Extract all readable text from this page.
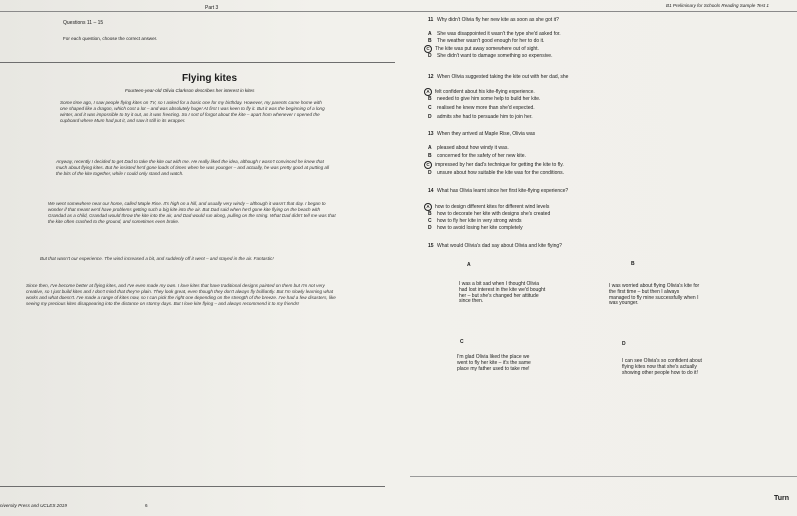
Part 3	B1 Preliminary for Schools Reading Sample Test 1
Questions 11 – 15
For each question, choose the correct answer.
Flying kites
Fourteen-year-old Olivia Clarkson describes her interest in kites
Some time ago, I saw people flying kites on TV, so I asked for a basic one for my birthday. However, my parents came home with one shaped like a dragon, which cost a lot – and was absolutely huge! At first I was keen to fly it. But it was the beginning of a long winter, and it was impossible to try it out, as it was freezing. So I sort of forgot about the kite – apart from whenever I opened the cupboard where Mum had put it, and saw it still in its wrapper.
Anyway, recently I decided to get Dad to take the kite out with me. He really liked the idea, although I wasn't convinced he knew that much about flying kites. But he insisted he'd gone loads of times when he was younger – and actually, he was pretty good at putting all the bits of the kite together, while I could only stand and watch.
We went somewhere near our home, called Maple Rise. It's high on a hill, and usually very windy – although it wasn't that day. I began to wonder if that meant we'd have problems getting such a big kite into the air. But Dad said when he'd gone kite flying on the beach with Grandad as a child, Grandad would throw the kite into the air, and Dad would run along, pulling on the string. What Dad didn't tell me was that the kite often crashed to the ground, and sometimes even broke.
But that wasn't our experience. The wind increased a bit, and suddenly off it went – and stayed in the air. Fantastic!
Since then, I've become better at flying kites, and I've even made my own. I love kites that have traditional designs painted on them but I'm not very creative, so I just build kites and I don't mind that they're plain. They look great, even though they don't always fly brilliantly. But I'm slowly learning what works and what doesn't. I've made a range of kites now, so I can pick the right one depending on the strength of the breeze. I've had a few disasters, like seeing my precious kites disappearing into the distance on stormy days. But I love kite flying – and always recommend it to my friends!
niversity Press and UCLES 2019	6
11 Why didn't Olivia fly her new kite as soon as she got it?
A She was disappointed it wasn't the type she'd asked for.
B The weather wasn't good enough for her to do it.
C The kite was put away somewhere out of sight.
D She didn't want to damage something so expensive.
12 When Olivia suggested taking the kite out with her dad, she
A felt confident about his kite-flying experience.
B needed to give him some help to build her kite.
C realised he knew more than she'd expected.
D admits she had to persuade him to join her.
13 When they arrived at Maple Rise, Olivia was
A pleased about how windy it was.
B concerned for the safety of her new kite.
C impressed by her dad's technique for getting the kite to fly.
D unsure about how suitable the kite was for the conditions.
14 What has Olivia learnt since her first kite-flying experience?
A how to design different kites for different wind levels
B how to decorate her kite with designs she's created
C how to fly her kite in very strong winds
D how to avoid losing her kite completely
15 What would Olivia's dad say about Olivia and kite flying?
A
I was a bit sad when I thought Olivia had lost interest in the kite we'd bought her – but she's changed her attitude since then.
B
I was worried about flying Olivia's kite for the first time – but then I always managed to fly mine successfully when I was younger.
C
I'm glad Olivia liked the place we went to fly her kite – it's the same place my father used to take me!
D
I can see Olivia's so confident about flying kites now that she's actually showing other people how to do it!
Turn
